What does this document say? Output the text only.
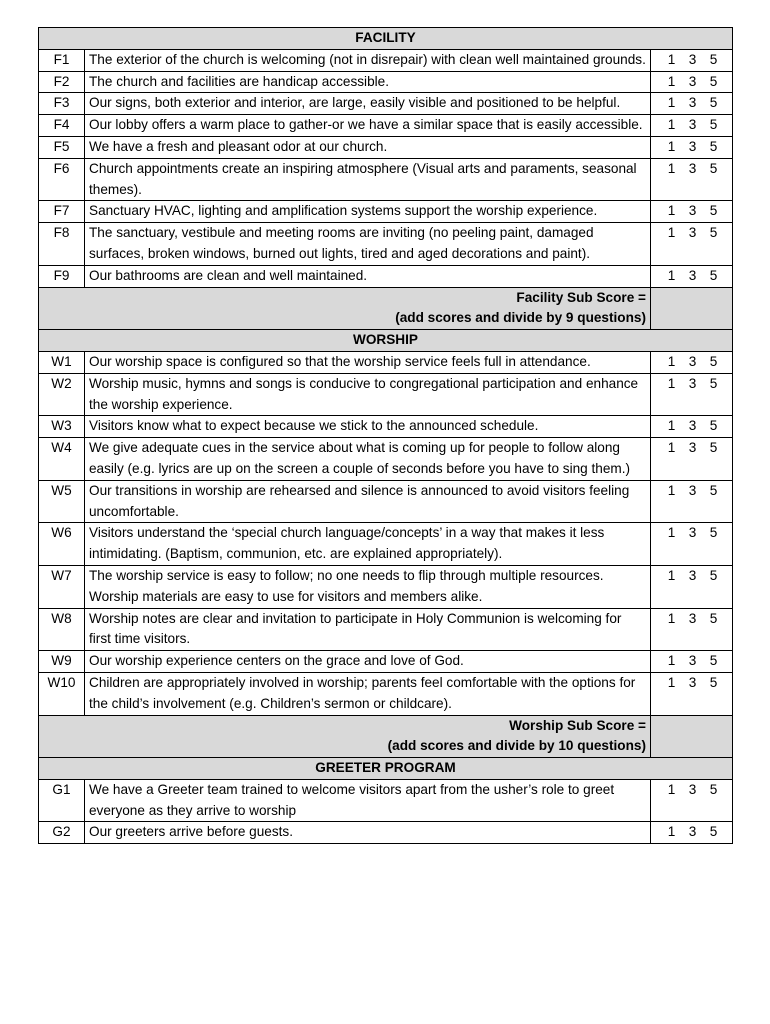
FACILITY		
F1	The exterior of the church is welcoming (not in disrepair) with clean well maintained grounds.	1 3 5

F2	The church and facilities are handicap accessible.	1 3 5

F3	Our signs, both exterior and interior, are large, easily visible and positioned to be helpful.	1 3 5

F4	Our lobby offers a warm place to gather-or we have a similar space that is easily accessible.	1 3 5

F5	We have a fresh and pleasant odor at our church.	1 3 5

F6	Church appointments create an inspiring atmosphere (Visual arts and paraments, seasonal themes).	1 3 5

F7	Sanctuary HVAC, lighting and amplification systems support the worship experience.	1 3 5

F8	The sanctuary, vestibule and meeting rooms are inviting (no peeling paint, damaged surfaces, broken windows, burned out lights, tired and aged decorations and paint).	1 3 5

F9	Our bathrooms are clean and well maintained.	1 3 5

Facility Sub Score =
(add scores and divide by 9 questions)		

WORSHIP		
W1	Our worship space is configured so that the worship service feels full in attendance.	1 3 5

W2	Worship music, hymns and songs is conducive to congregational participation and enhance the worship experience.	1 3 5

W3	Visitors know what to expect because we stick to the announced schedule.	1 3 5

W4	We give adequate cues in the service about what is coming up for people to follow along easily (e.g. lyrics are up on the screen a couple of seconds before you have to sing them.)	1 3 5

W5	Our transitions in worship are rehearsed and silence is announced to avoid visitors feeling uncomfortable.	1 3 5

W6	Visitors understand the ‘special church language/concepts’ in a way that makes it less intimidating. (Baptism, communion, etc. are explained appropriately).	1 3 5

W7	The worship service is easy to follow; no one needs to flip through multiple resources. Worship materials are easy to use for visitors and members alike.	1 3 5

W8	Worship notes are clear and invitation to participate in Holy Communion is welcoming for first time visitors.	1 3 5

W9	Our worship experience centers on the grace and love of God.	1 3 5

W10	Children are appropriately involved in worship; parents feel comfortable with the options for the child’s involvement (e.g. Children’s sermon or childcare).	1 3 5

Worship Sub Score =
(add scores and divide by 10 questions)		

GREETER PROGRAM		
G1	We have a Greeter team trained to welcome visitors apart from the usher’s role to greet everyone as they arrive to worship	1 3 5

G2	Our greeters arrive before guests.	1 3 5
